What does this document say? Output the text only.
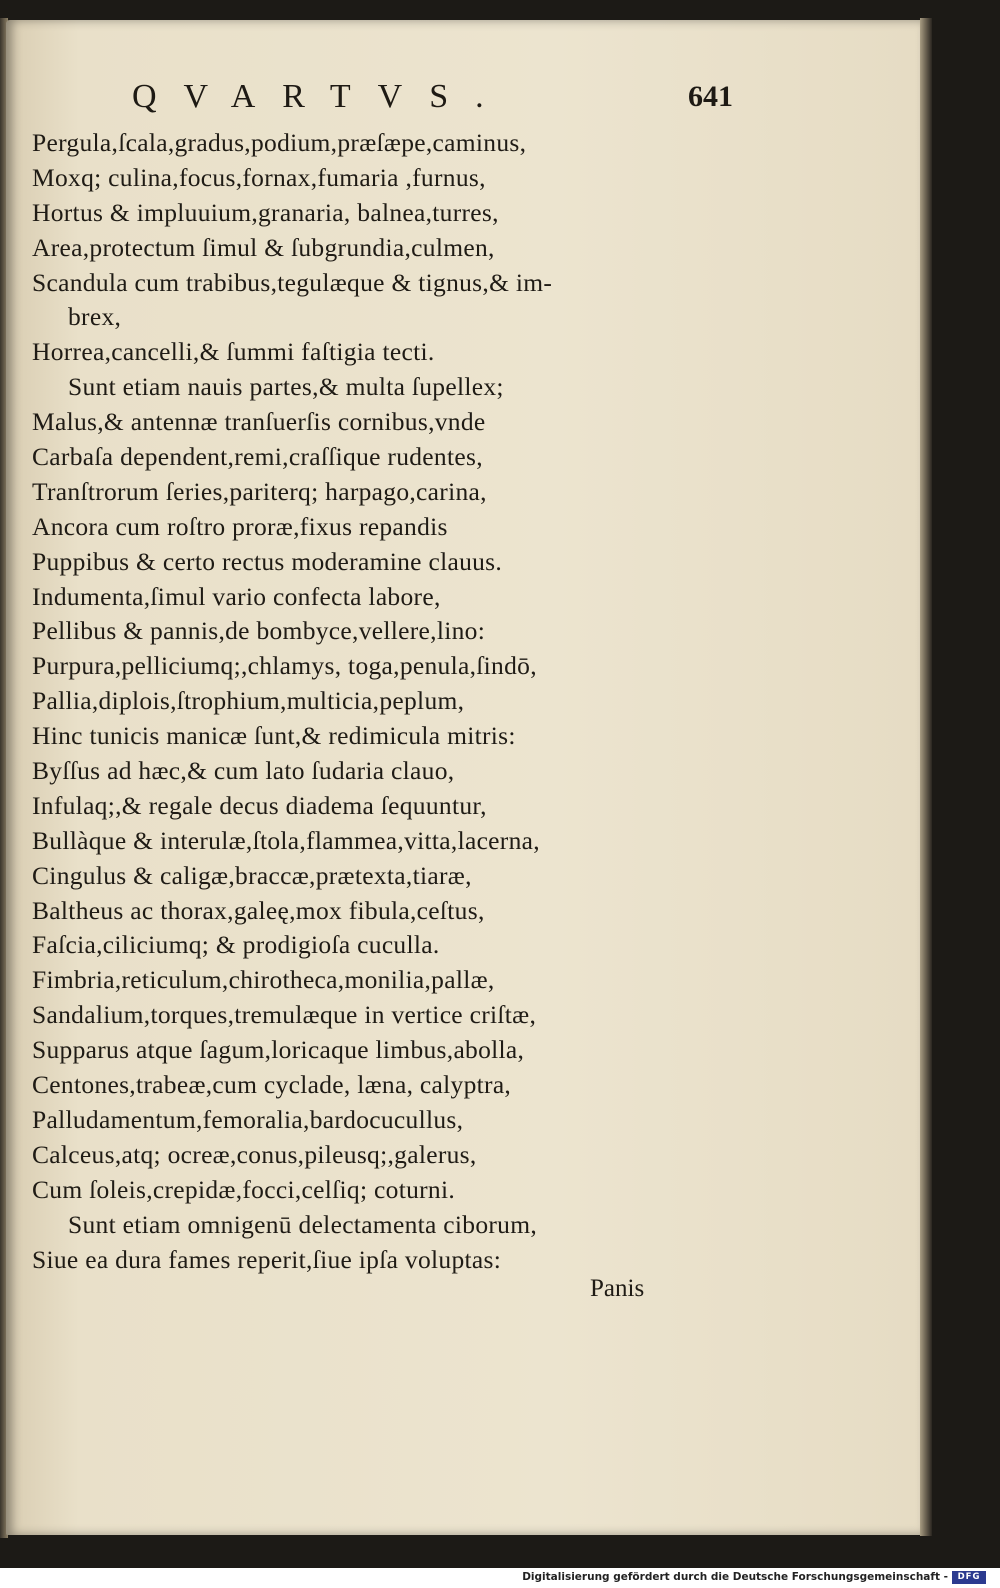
QVARTVS.	641
Pergula,ſcala,gradus,podium,præſæpe,caminus,
Moxq; culina,focus,fornax,fumaria ,furnus,
Hortus & impluuium,granaria, balnea,turres,
Area,protectum ſimul & ſubgrundia,culmen,
Scandula cum trabibus,tegulæque & tignus,& im-
brex,
Horrea,cancelli,& ſummi faſtigia tecti.
Sunt etiam nauis partes,& multa ſupellex;
Malus,& antennæ tranſuerſis cornibus,vnde
Carbaſa dependent,remi,craſſique rudentes,
Tranſtrorum ſeries,pariterq; harpago,carina,
Ancora cum roſtro proræ,fixus repandis
Puppibus & certo rectus moderamine clauus.
Indumenta,ſimul vario confecta labore,
Pellibus & pannis,de bombyce,vellere,lino:
Purpura,pelliciumq;,chlamys, toga,penula,ſindō,
Pallia,diplois,ſtrophium,multicia,peplum,
Hinc tunicis manicæ ſunt,& redimicula mitris:
Byſſus ad hæc,& cum lato ſudaria clauo,
Infulaq;,& regale decus diadema ſequuntur,
Bullàque & interulæ,ſtola,flammea,vitta,lacerna,
Cingulus & caligæ,braccæ,prætexta,tiaræ,
Baltheus ac thorax,galeę,mox fibula,ceſtus,
Faſcia,ciliciumq; & prodigioſa cuculla.
Fimbria,reticulum,chirotheca,monilia,pallæ,
Sandalium,torques,tremulæque in vertice criſtæ,
Supparus atque ſagum,loricaque limbus,abolla,
Centones,trabeæ,cum cyclade, læna, calyptra,
Palludamentum,femoralia,bardocucullus,
Calceus,atq; ocreæ,conus,pileusq;,galerus,
Cum ſoleis,crepidæ,focci,celſiq; coturni.
Sunt etiam omnigenū delectamenta ciborum,
Siue ea dura fames reperit,ſiue ipſa voluptas:
Panis
Digitalisierung gefördert durch die Deutsche Forschungsgemeinschaft -	DFG
